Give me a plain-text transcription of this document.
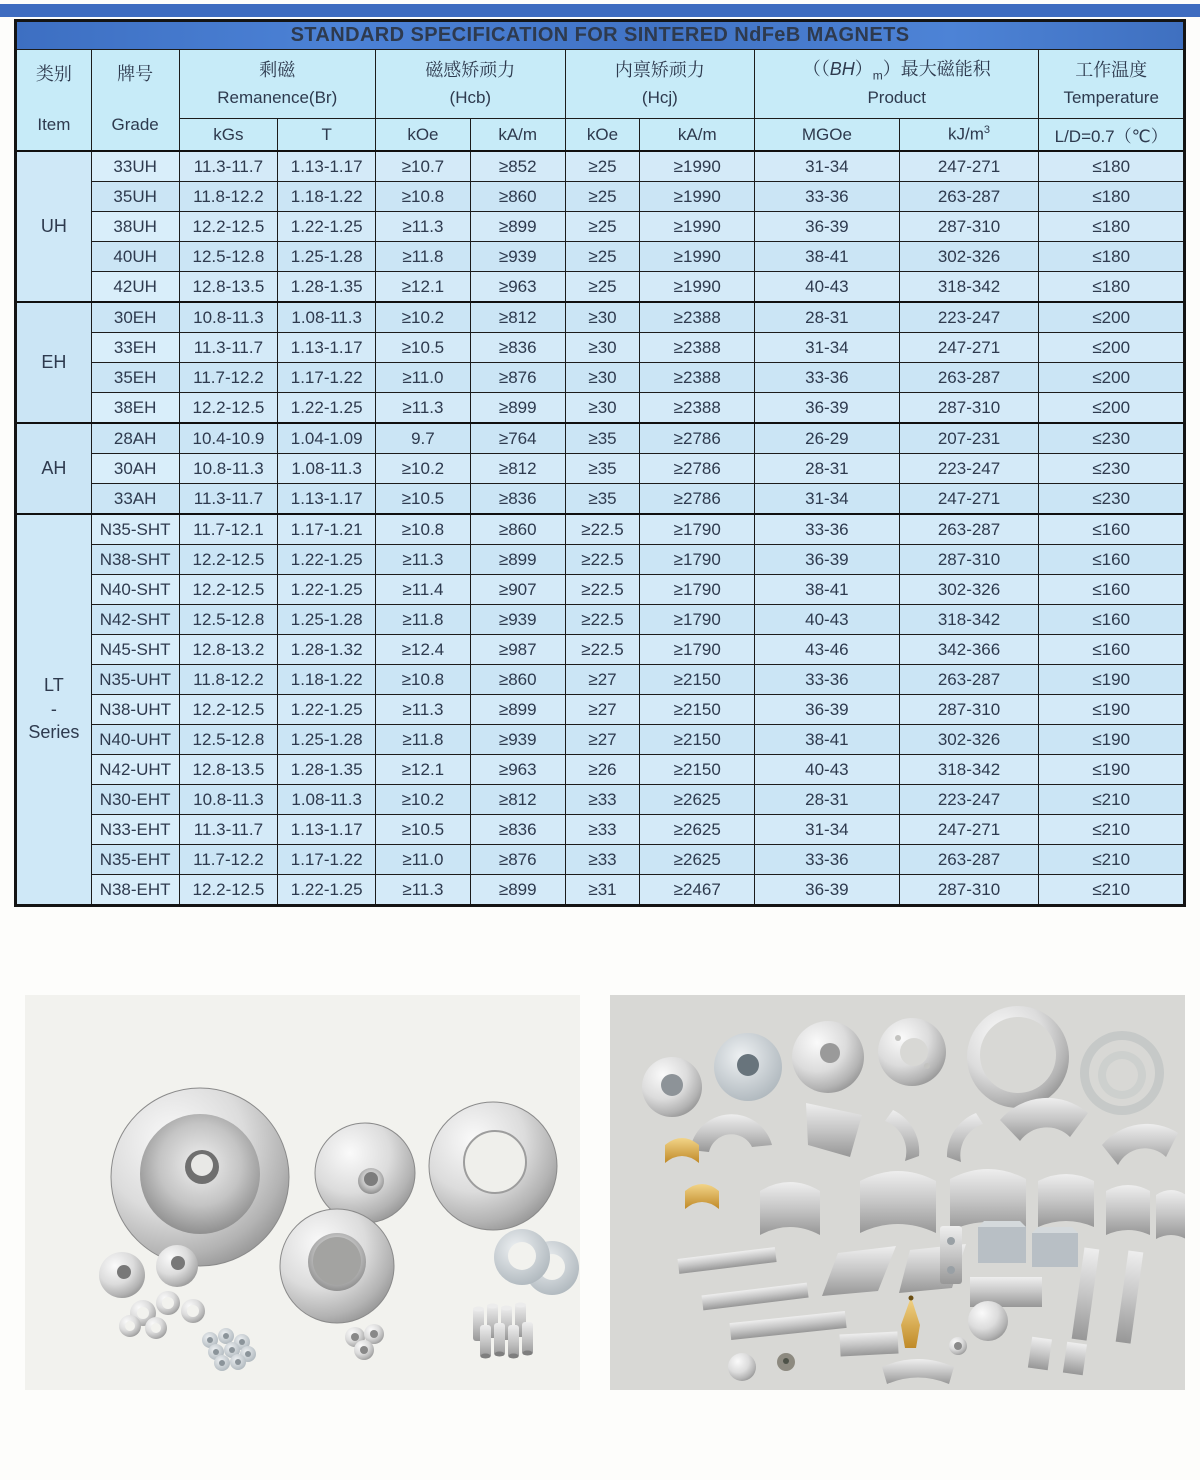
STANDARD SPECIFICATION FOR SINTERED NdFeB MAGNETS										

类别
Item

牌号
Grade

剩磁
Remanence(Br)

磁感矫顽力
(Hcb)

内禀矫顽力
(Hcj)

$((BH)_m)$最大磁能积
Product

工作温度
Temperature

		kGs	T	kOe	kA/m	kOe	kA/m	MGOe	$kJ/m^3$	L/D=0.7（℃）

UH	33UH	11.3-11.7	1.13-1.17	≥10.7	≥852	≥25	≥1990	31-34	247-271	≤180
	35UH	11.8-12.2	1.18-1.22	≥10.8	≥860	≥25	≥1990	33-36	263-287	≤180
	38UH	12.2-12.5	1.22-1.25	≥11.3	≥899	≥25	≥1990	36-39	287-310	≤180
	40UH	12.5-12.8	1.25-1.28	≥11.8	≥939	≥25	≥1990	38-41	302-326	≤180
	42UH	12.8-13.5	1.28-1.35	≥12.1	≥963	≥25	≥1990	40-43	318-342	≤180

EH	30EH	10.8-11.3	1.08-11.3	≥10.2	≥812	≥30	≥2388	28-31	223-247	≤200
	33EH	11.3-11.7	1.13-1.17	≥10.5	≥836	≥30	≥2388	31-34	247-271	≤200
	35EH	11.7-12.2	1.17-1.22	≥11.0	≥876	≥30	≥2388	33-36	263-287	≤200
	38EH	12.2-12.5	1.22-1.25	≥11.3	≥899	≥30	≥2388	36-39	287-310	≤200

AH	28AH	10.4-10.9	1.04-1.09	9.7	≥764	≥35	≥2786	26-29	207-231	≤230
	30AH	10.8-11.3	1.08-11.3	≥10.2	≥812	≥35	≥2786	28-31	223-247	≤230
	33AH	11.3-11.7	1.13-1.17	≥10.5	≥836	≥35	≥2786	31-34	247-271	≤230

LT
-
Series	N35-SHT	11.7-12.1	1.17-1.21	≥10.8	≥860	≥22.5	≥1790	33-36	263-287	≤160
	N38-SHT	12.2-12.5	1.22-1.25	≥11.3	≥899	≥22.5	≥1790	36-39	287-310	≤160
	N40-SHT	12.2-12.5	1.22-1.25	≥11.4	≥907	≥22.5	≥1790	38-41	302-326	≤160
	N42-SHT	12.5-12.8	1.25-1.28	≥11.8	≥939	≥22.5	≥1790	40-43	318-342	≤160
	N45-SHT	12.8-13.2	1.28-1.32	≥12.4	≥987	≥22.5	≥1790	43-46	342-366	≤160
	N35-UHT	11.8-12.2	1.18-1.22	≥10.8	≥860	≥27	≥2150	33-36	263-287	≤190
	N38-UHT	12.2-12.5	1.22-1.25	≥11.3	≥899	≥27	≥2150	36-39	287-310	≤190
	N40-UHT	12.5-12.8	1.25-1.28	≥11.8	≥939	≥27	≥2150	38-41	302-326	≤190
	N42-UHT	12.8-13.5	1.28-1.35	≥12.1	≥963	≥26	≥2150	40-43	318-342	≤190
	N30-EHT	10.8-11.3	1.08-11.3	≥10.2	≥812	≥33	≥2625	28-31	223-247	≤210
	N33-EHT	11.3-11.7	1.13-1.17	≥10.5	≥836	≥33	≥2625	31-34	247-271	≤210
	N35-EHT	11.7-12.2	1.17-1.22	≥11.0	≥876	≥33	≥2625	33-36	263-287	≤210
	N38-EHT	12.2-12.5	1.22-1.25	≥11.3	≥899	≥31	≥2467	36-39	287-310	≤210
